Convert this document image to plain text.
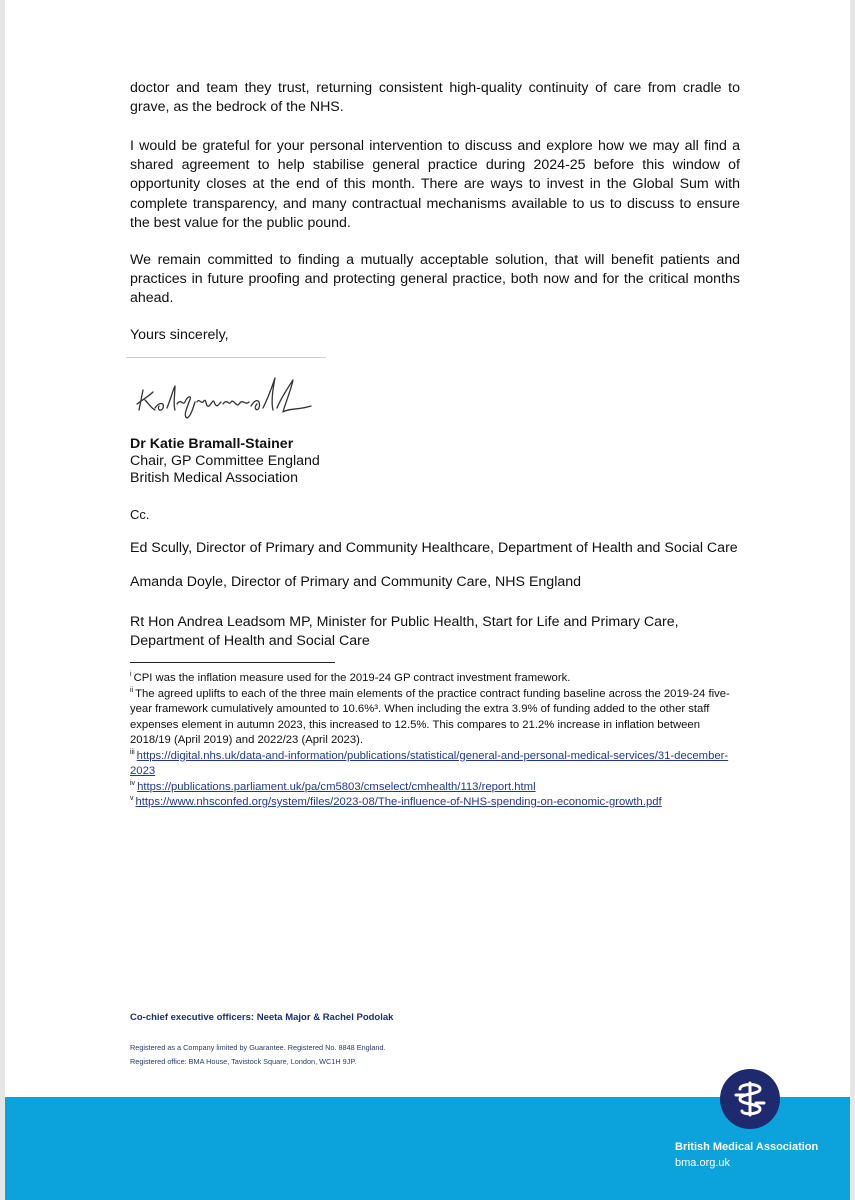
doctor and team they trust, returning consistent high-quality continuity of care from cradle to grave, as the bedrock of the NHS.

I would be grateful for your personal intervention to discuss and explore how we may all find a shared agreement to help stabilise general practice during 2024-25 before this window of opportunity closes at the end of this month. There are ways to invest in the Global Sum with complete transparency, and many contractual mechanisms available to us to discuss to ensure the best value for the public pound.

We remain committed to finding a mutually acceptable solution, that will benefit patients and practices in future proofing and protecting general practice, both now and for the critical months ahead.

Yours sincerely,
Dr Katie Bramall-Stainer
Chair, GP Committee England
British Medical Association
Cc.
Ed Scully, Director of Primary and Community Healthcare, Department of Health and Social Care
Amanda Doyle, Director of Primary and Community Care, NHS England
Rt Hon Andrea Leadsom MP, Minister for Public Health, Start for Life and Primary Care, Department of Health and Social Care

$^i$ CPI was the inflation measure used for the 2019-24 GP contract investment framework.

$^{ii}$ The agreed uplifts to each of the three main elements of the practice contract funding baseline across the 2019-24 five-year framework cumulatively amounted to 10.6%³. When including the extra 3.9% of funding added to the other staff expenses element in autumn 2023, this increased to 12.5%. This compares to 21.2% increase in inflation between 2018/19 (April 2019) and 2022/23 (April 2023).

$^{iii}$ https://digital.nhs.uk/data-and-information/publications/statistical/general-and-personal-medical-services/31-december-2023

$^{iv}$ https://publications.parliament.uk/pa/cm5803/cmselect/cmhealth/113/report.html

$^v$ https://www.nhsconfed.org/system/files/2023-08/The-influence-of-NHS-spending-on-economic-growth.pdf

Co-chief executive officers: Neeta Major & Rachel Podolak
Registered as a Company limited by Guarantee. Registered No. 8848 England.
Registered office: BMA House, Tavistock Square, London, WC1H 9JP.
British Medical Association
bma.org.uk
